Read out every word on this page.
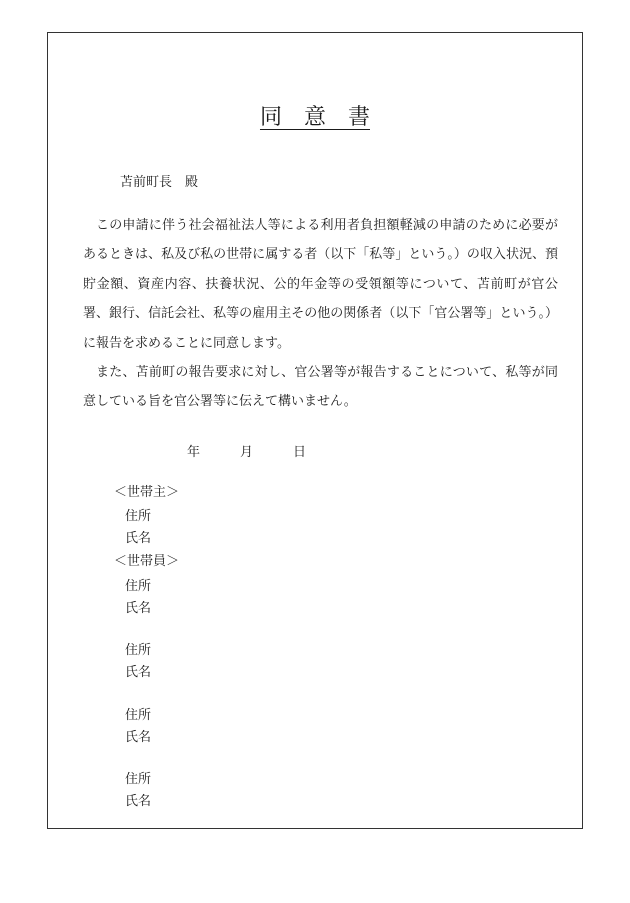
同　意　書
苫前町長　殿

この申請に伴う社会福祉法人等による利用者負担額軽減の申請のために必要があるときは、私及び私の世帯に属する者（以下「私等」という。）の収入状況、預貯金額、資産内容、扶養状況、公的年金等の受領額等について、苫前町が官公署、銀行、信託会社、私等の雇用主その他の関係者（以下「官公署等」という。）に報告を求めることに同意します。

また、苫前町の報告要求に対し、官公署等が報告することについて、私等が同意している旨を官公署等に伝えて構いません。

年	月	日
＜世帯主＞
住所
氏名
＜世帯員＞
住所
氏名
住所
氏名
住所
氏名
住所
氏名
